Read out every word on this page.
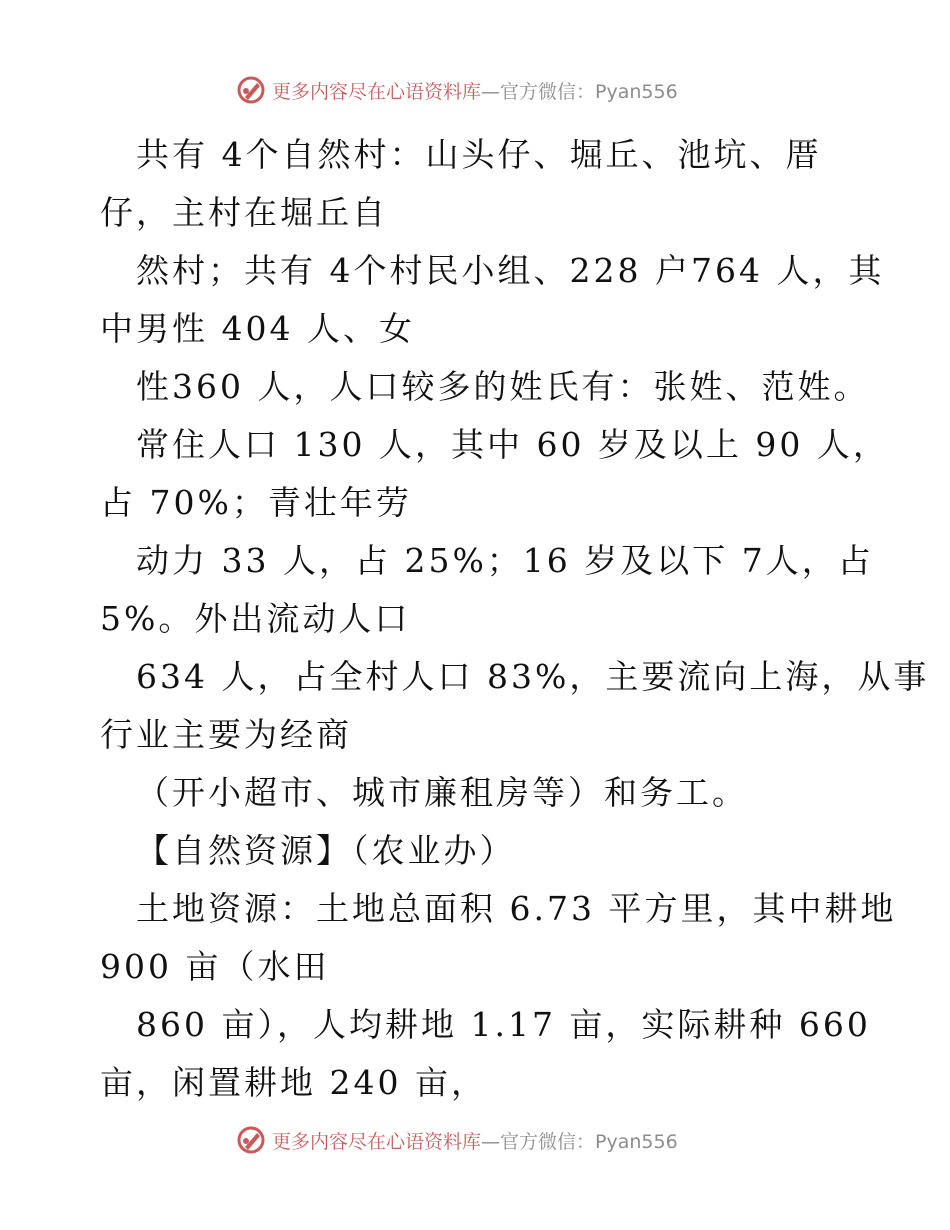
更多内容尽在心语资料库—官方微信：Pyan556
共有 4个自然村：山头仔、堀丘、池坑、厝
仔，主村在堀丘自
然村；共有 4个村民小组、228 户764 人，其
中男性 404 人、女
性360 人，人口较多的姓氏有：张姓、范姓。
常住人口 130 人，其中 60 岁及以上 90 人，
占 70%；青壮年劳
动力 33 人，占 25%；16 岁及以下 7人，占
5%。外出流动人口
634 人，占全村人口 83%，主要流向上海，从事
行业主要为经商
（开小超市、城市廉租房等）和务工。
【自然资源】（农业办）
土地资源：土地总面积 6.73 平方里，其中耕地
900 亩（水田
860 亩），人均耕地 1.17 亩，实际耕种 660
亩，闲置耕地 240 亩，
更多内容尽在心语资料库—官方微信：Pyan556
